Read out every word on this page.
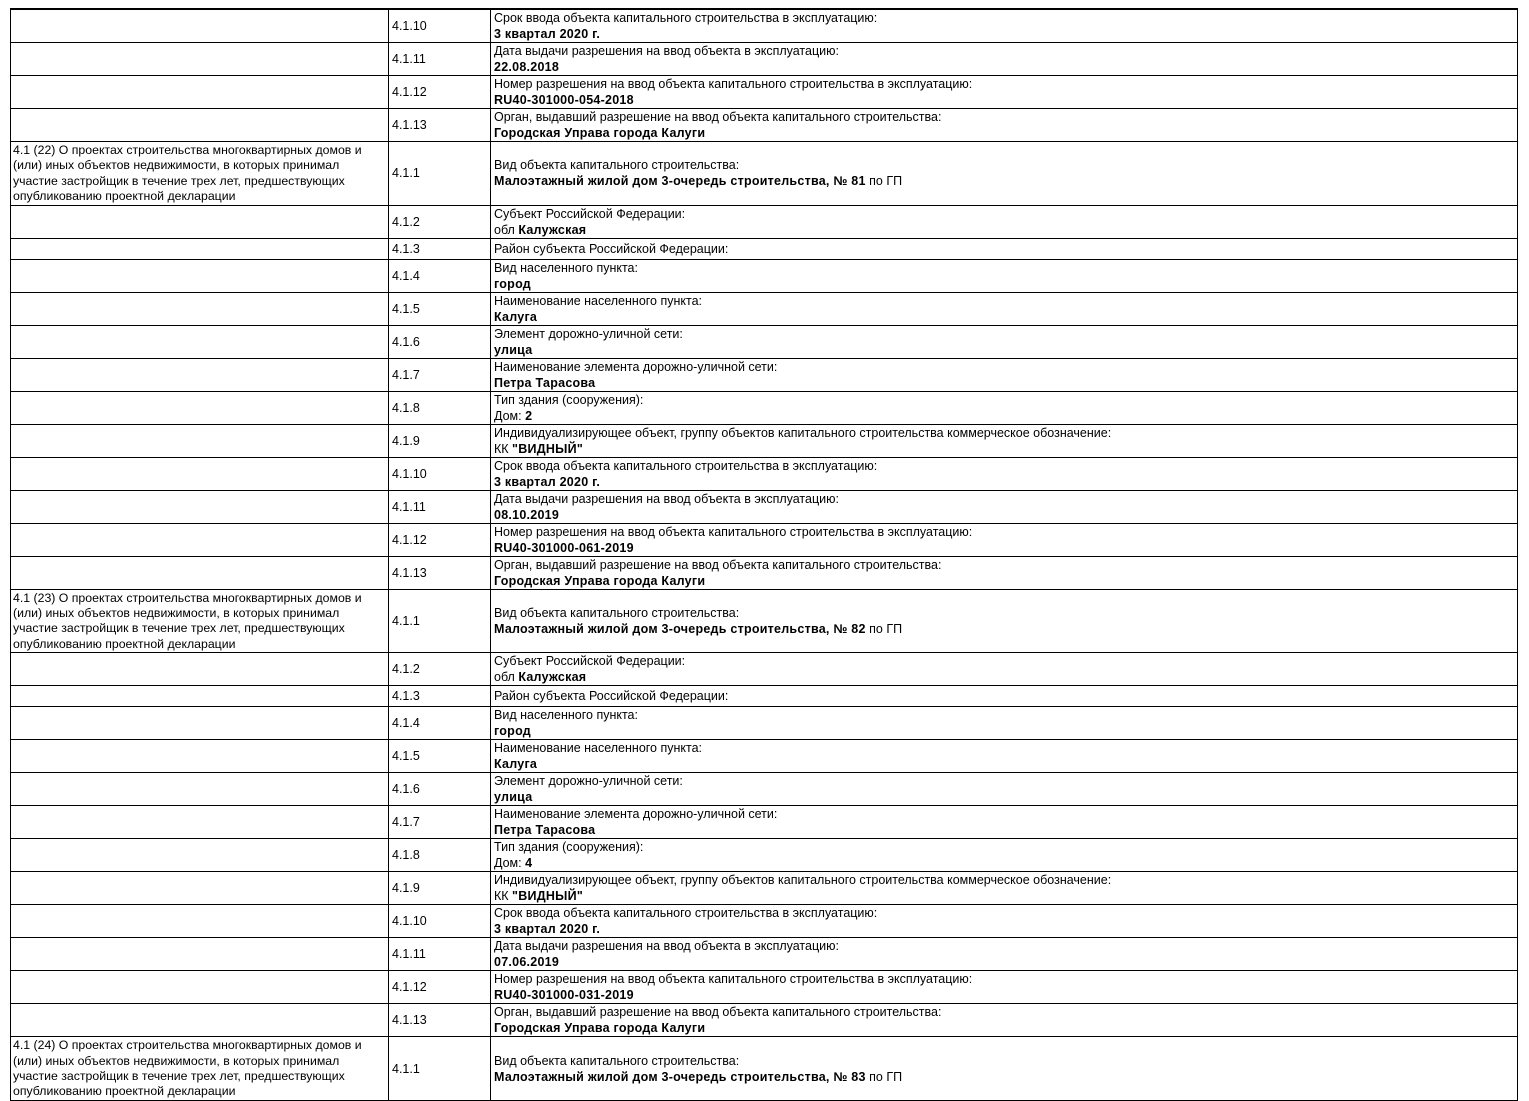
	4.1.10	Срок ввода объекта капитального строительства в эксплуатацию:
3 квартал 2020 г.

	4.1.11	Дата выдачи разрешения на ввод объекта в эксплуатацию:
22.08.2018

	4.1.12	Номер разрешения на ввод объекта капитального строительства в эксплуатацию:
RU40-301000-054-2018

	4.1.13	Орган, выдавший разрешение на ввод объекта капитального строительства:
Городская Управа города Калуги

4.1 (22) О проектах строительства многоквартирных домов и (или) иных объектов недвижимости, в которых принимал участие застройщик в течение трех лет, предшествующих опубликованию проектной декларации	4.1.1	Вид объекта капитального строительства:
Малоэтажный жилой дом 3-очередь строительства, № 81 по ГП

	4.1.2	Субъект Российской Федерации:
обл Калужская

	4.1.3	Район субъекта Российской Федерации:

	4.1.4	Вид населенного пункта:
город

	4.1.5	Наименование населенного пункта:
Калуга

	4.1.6	Элемент дорожно-уличной сети:
улица

	4.1.7	Наименование элемента дорожно-уличной сети:
Петра Тарасова

	4.1.8	Тип здания (сооружения):
Дом: 2

	4.1.9	Индивидуализирующее объект, группу объектов капитального строительства коммерческое обозначение:
КК "ВИДНЫЙ"

	4.1.10	Срок ввода объекта капитального строительства в эксплуатацию:
3 квартал 2020 г.

	4.1.11	Дата выдачи разрешения на ввод объекта в эксплуатацию:
08.10.2019

	4.1.12	Номер разрешения на ввод объекта капитального строительства в эксплуатацию:
RU40-301000-061-2019

	4.1.13	Орган, выдавший разрешение на ввод объекта капитального строительства:
Городская Управа города Калуги

4.1 (23) О проектах строительства многоквартирных домов и (или) иных объектов недвижимости, в которых принимал участие застройщик в течение трех лет, предшествующих опубликованию проектной декларации	4.1.1	Вид объекта капитального строительства:
Малоэтажный жилой дом 3-очередь строительства, № 82 по ГП

	4.1.2	Субъект Российской Федерации:
обл Калужская

	4.1.3	Район субъекта Российской Федерации:

	4.1.4	Вид населенного пункта:
город

	4.1.5	Наименование населенного пункта:
Калуга

	4.1.6	Элемент дорожно-уличной сети:
улица

	4.1.7	Наименование элемента дорожно-уличной сети:
Петра Тарасова

	4.1.8	Тип здания (сооружения):
Дом: 4

	4.1.9	Индивидуализирующее объект, группу объектов капитального строительства коммерческое обозначение:
КК "ВИДНЫЙ"

	4.1.10	Срок ввода объекта капитального строительства в эксплуатацию:
3 квартал 2020 г.

	4.1.11	Дата выдачи разрешения на ввод объекта в эксплуатацию:
07.06.2019

	4.1.12	Номер разрешения на ввод объекта капитального строительства в эксплуатацию:
RU40-301000-031-2019

	4.1.13	Орган, выдавший разрешение на ввод объекта капитального строительства:
Городская Управа города Калуги

4.1 (24) О проектах строительства многоквартирных домов и (или) иных объектов недвижимости, в которых принимал участие застройщик в течение трех лет, предшествующих опубликованию проектной декларации	4.1.1	Вид объекта капитального строительства:
Малоэтажный жилой дом 3-очередь строительства, № 83 по ГП
